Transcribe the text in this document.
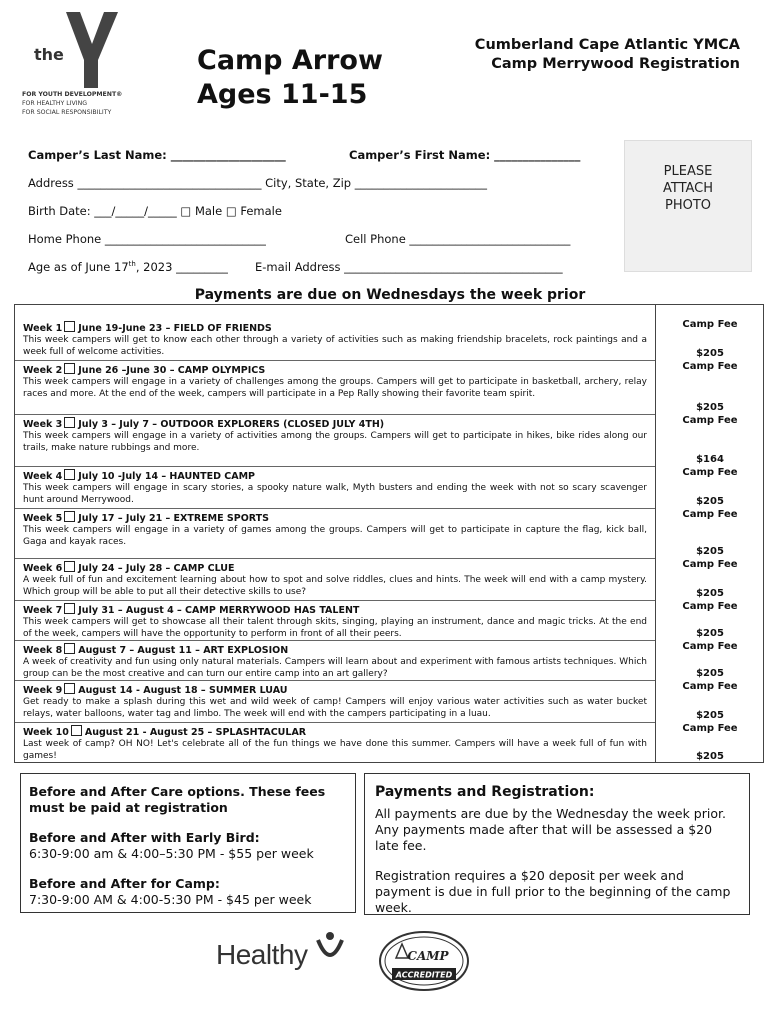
the
FOR YOUTH DEVELOPMENT®
FOR HEALTHY LIVING
FOR SOCIAL RESPONSIBILITY
Camp Arrow
Ages 11-15
Cumberland Cape Atlantic YMCA
Camp Merrywood Registration
Camper’s Last Name: ____________________	Camper’s First Name: _______________
Address ________________________________ City, State, Zip _______________________
Birth Date: ___/_____/_____ □ Male □ Female
Home Phone ____________________________	Cell Phone ____________________________
Age as of June 17th, 2023 _________ E-mail Address ______________________________________
PLEASE
ATTACH
PHOTO
Payments are due on Wednesdays the week prior
Week 1 June 19-June 23 – FIELD OF FRIENDS
This week campers will get to know each other through a variety of activities such as making friendship bracelets, rock paintings and a week full of welcome activities.
Camp Fee
$205
Week 2 June 26 –June 30 – CAMP OLYMPICS
This week campers will engage in a variety of challenges among the groups. Campers will get to participate in basketball, archery, relay races and more. At the end of the week, campers will participate in a Pep Rally showing their favorite team spirit.
Camp Fee
$205
Week 3 July 3 – July 7 – OUTDOOR EXPLORERS (CLOSED JULY 4TH)
This week campers will engage in a variety of activities among the groups. Campers will get to participate in hikes, bike rides along our trails, make nature rubbings and more.
Camp Fee
$164
Week 4 July 10 -July 14 – HAUNTED CAMP
This week campers will engage in scary stories, a spooky nature walk, Myth busters and ending the week with not so scary scavenger hunt around Merrywood.
Camp Fee
$205
Week 5 July 17 – July 21 – EXTREME SPORTS
This week campers will engage in a variety of games among the groups. Campers will get to participate in capture the flag, kick ball, Gaga and kayak races.
Camp Fee
$205
Week 6 July 24 – July 28 – CAMP CLUE
A week full of fun and excitement learning about how to spot and solve riddles, clues and hints. The week will end with a camp mystery. Which group will be able to put all their detective skills to use?
Camp Fee
$205
Week 7 July 31 – August 4 – CAMP MERRYWOOD HAS TALENT
This week campers will get to showcase all their talent through skits, singing, playing an instrument, dance and magic tricks. At the end of the week, campers will have the opportunity to perform in front of all their peers.
Camp Fee
$205
Week 8 August 7 – August 11 – ART EXPLOSION
A week of creativity and fun using only natural materials. Campers will learn about and experiment with famous artists techniques. Which group can be the most creative and can turn our entire camp into an art gallery?
Camp Fee
$205
Week 9 August 14 - August 18 – SUMMER LUAU
Get ready to make a splash during this wet and wild week of camp! Campers will enjoy various water activities such as water bucket relays, water balloons, water tag and limbo. The week will end with the campers participating in a luau.
Camp Fee
$205
Week 10 August 21 - August 25 – SPLASHTACULAR
Last week of camp? OH NO! Let's celebrate all of the fun things we have done this summer. Campers will have a week full of fun with games!
Camp Fee
$205
Before and After Care options. These fees must be paid at registration
Before and After with Early Bird:
6:30-9:00 am & 4:00–5:30 PM - $55 per week
Before and After for Camp:
7:30-9:00 AM & 4:00-5:30 PM - $45 per week
Payments and Registration:
All payments are due by the Wednesday the week prior. Any payments made after that will be assessed a $20 late fee.
Registration requires a $20 deposit per week and payment is due in full prior to the beginning of the camp week.
Healthy	CAMP
ACCREDITED
